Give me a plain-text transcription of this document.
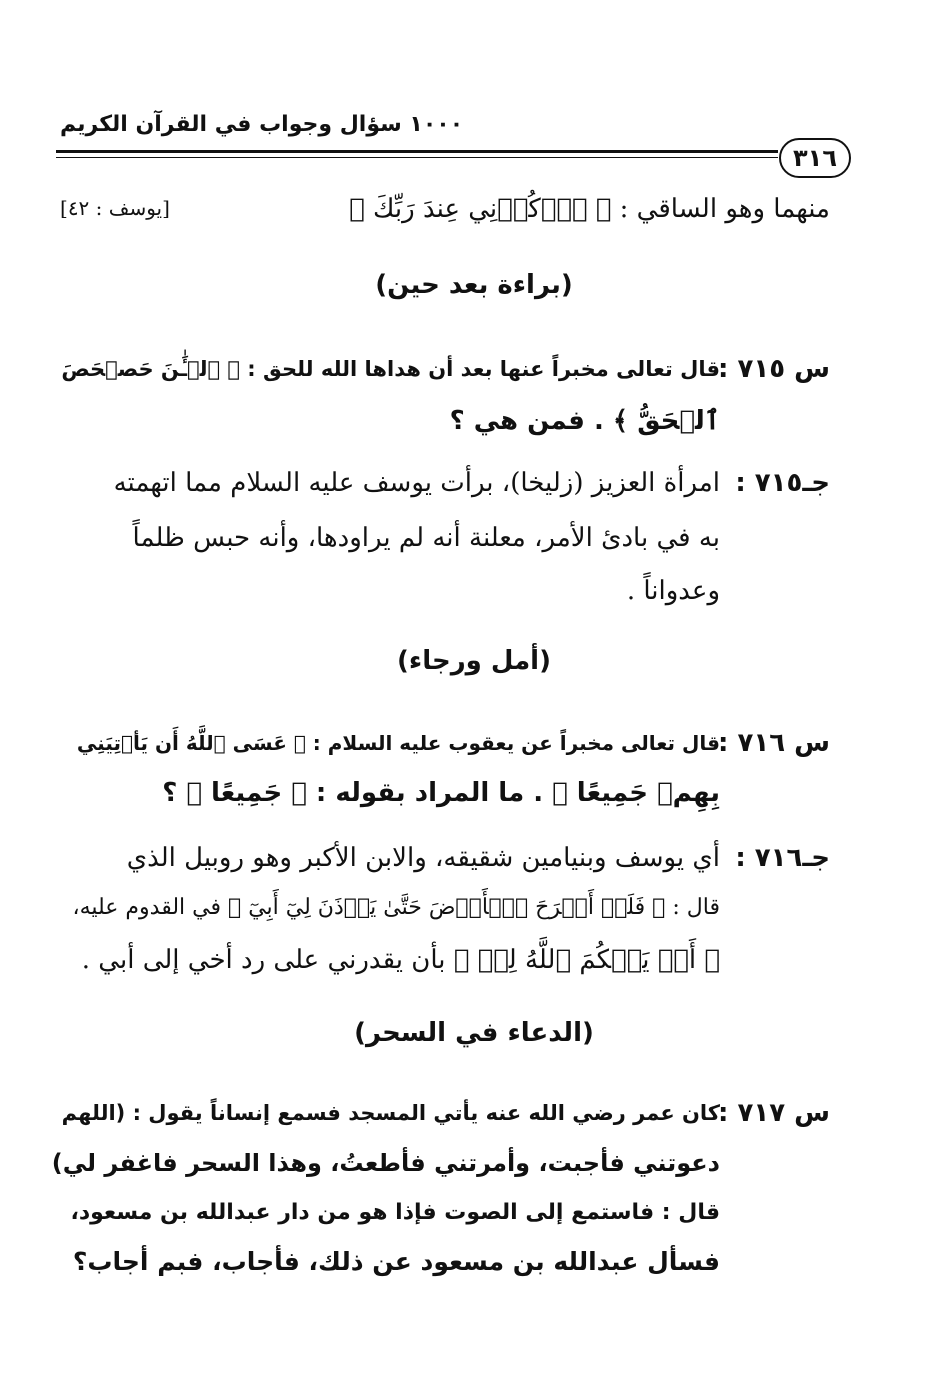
١٠٠٠ سؤال وجواب في القرآن الكريم
٣١٦
منهما وهو الساقي : ﴿ ٱذۡكُرۡنِي عِندَ رَبِّكَ ﴾
[يوسف : ٤٢]
(براءة بعد حين)
س ٧١٥ :
قال تعالى مخبراً عنها بعد أن هداها الله للحق : ﴿ ٱلۡـَٰٔنَ حَصۡحَصَ
ٱلۡحَقُّ ﴾ . فمن هي ؟
جـ٧١٥ :
امرأة العزيز (زليخا)، برأت يوسف عليه السلام مما اتهمته
به في بادئ الأمر، معلنة أنه لم يراودها، وأنه حبس ظلماً
وعدواناً .
(أمل ورجاء)
س ٧١٦ :
قال تعالى مخبراً عن يعقوب عليه السلام : ﴿ عَسَى ٱللَّهُ أَن يَأۡتِيَنِي
بِهِمۡ جَمِيعًا ﴾ . ما المراد بقوله : ﴿ جَمِيعًا ﴾ ؟
جـ٧١٦ :
أي يوسف وبنيامين شقيقه، والابن الأكبر وهو روبيل الذي
قال : ﴿ فَلَنۡ أَبۡرَحَ ٱلۡأَرۡضَ حَتَّىٰ يَأۡذَنَ لِيٓ أَبِيٓ ﴾ في القدوم عليه،
﴿ أَوۡ يَحۡكُمَ ٱللَّهُ لِيۖ ﴾ بأن يقدرني على رد أخي إلى أبي .
(الدعاء في السحر)
س ٧١٧ :
كان عمر رضي الله عنه يأتي المسجد فسمع إنساناً يقول : (اللهم
دعوتني فأجبت، وأمرتني فأطعتُ، وهذا السحر فاغفر لي)
قال : فاستمع إلى الصوت فإذا هو من دار عبدالله بن مسعود،
فسأل عبدالله بن مسعود عن ذلك، فأجاب، فبم أجاب؟
